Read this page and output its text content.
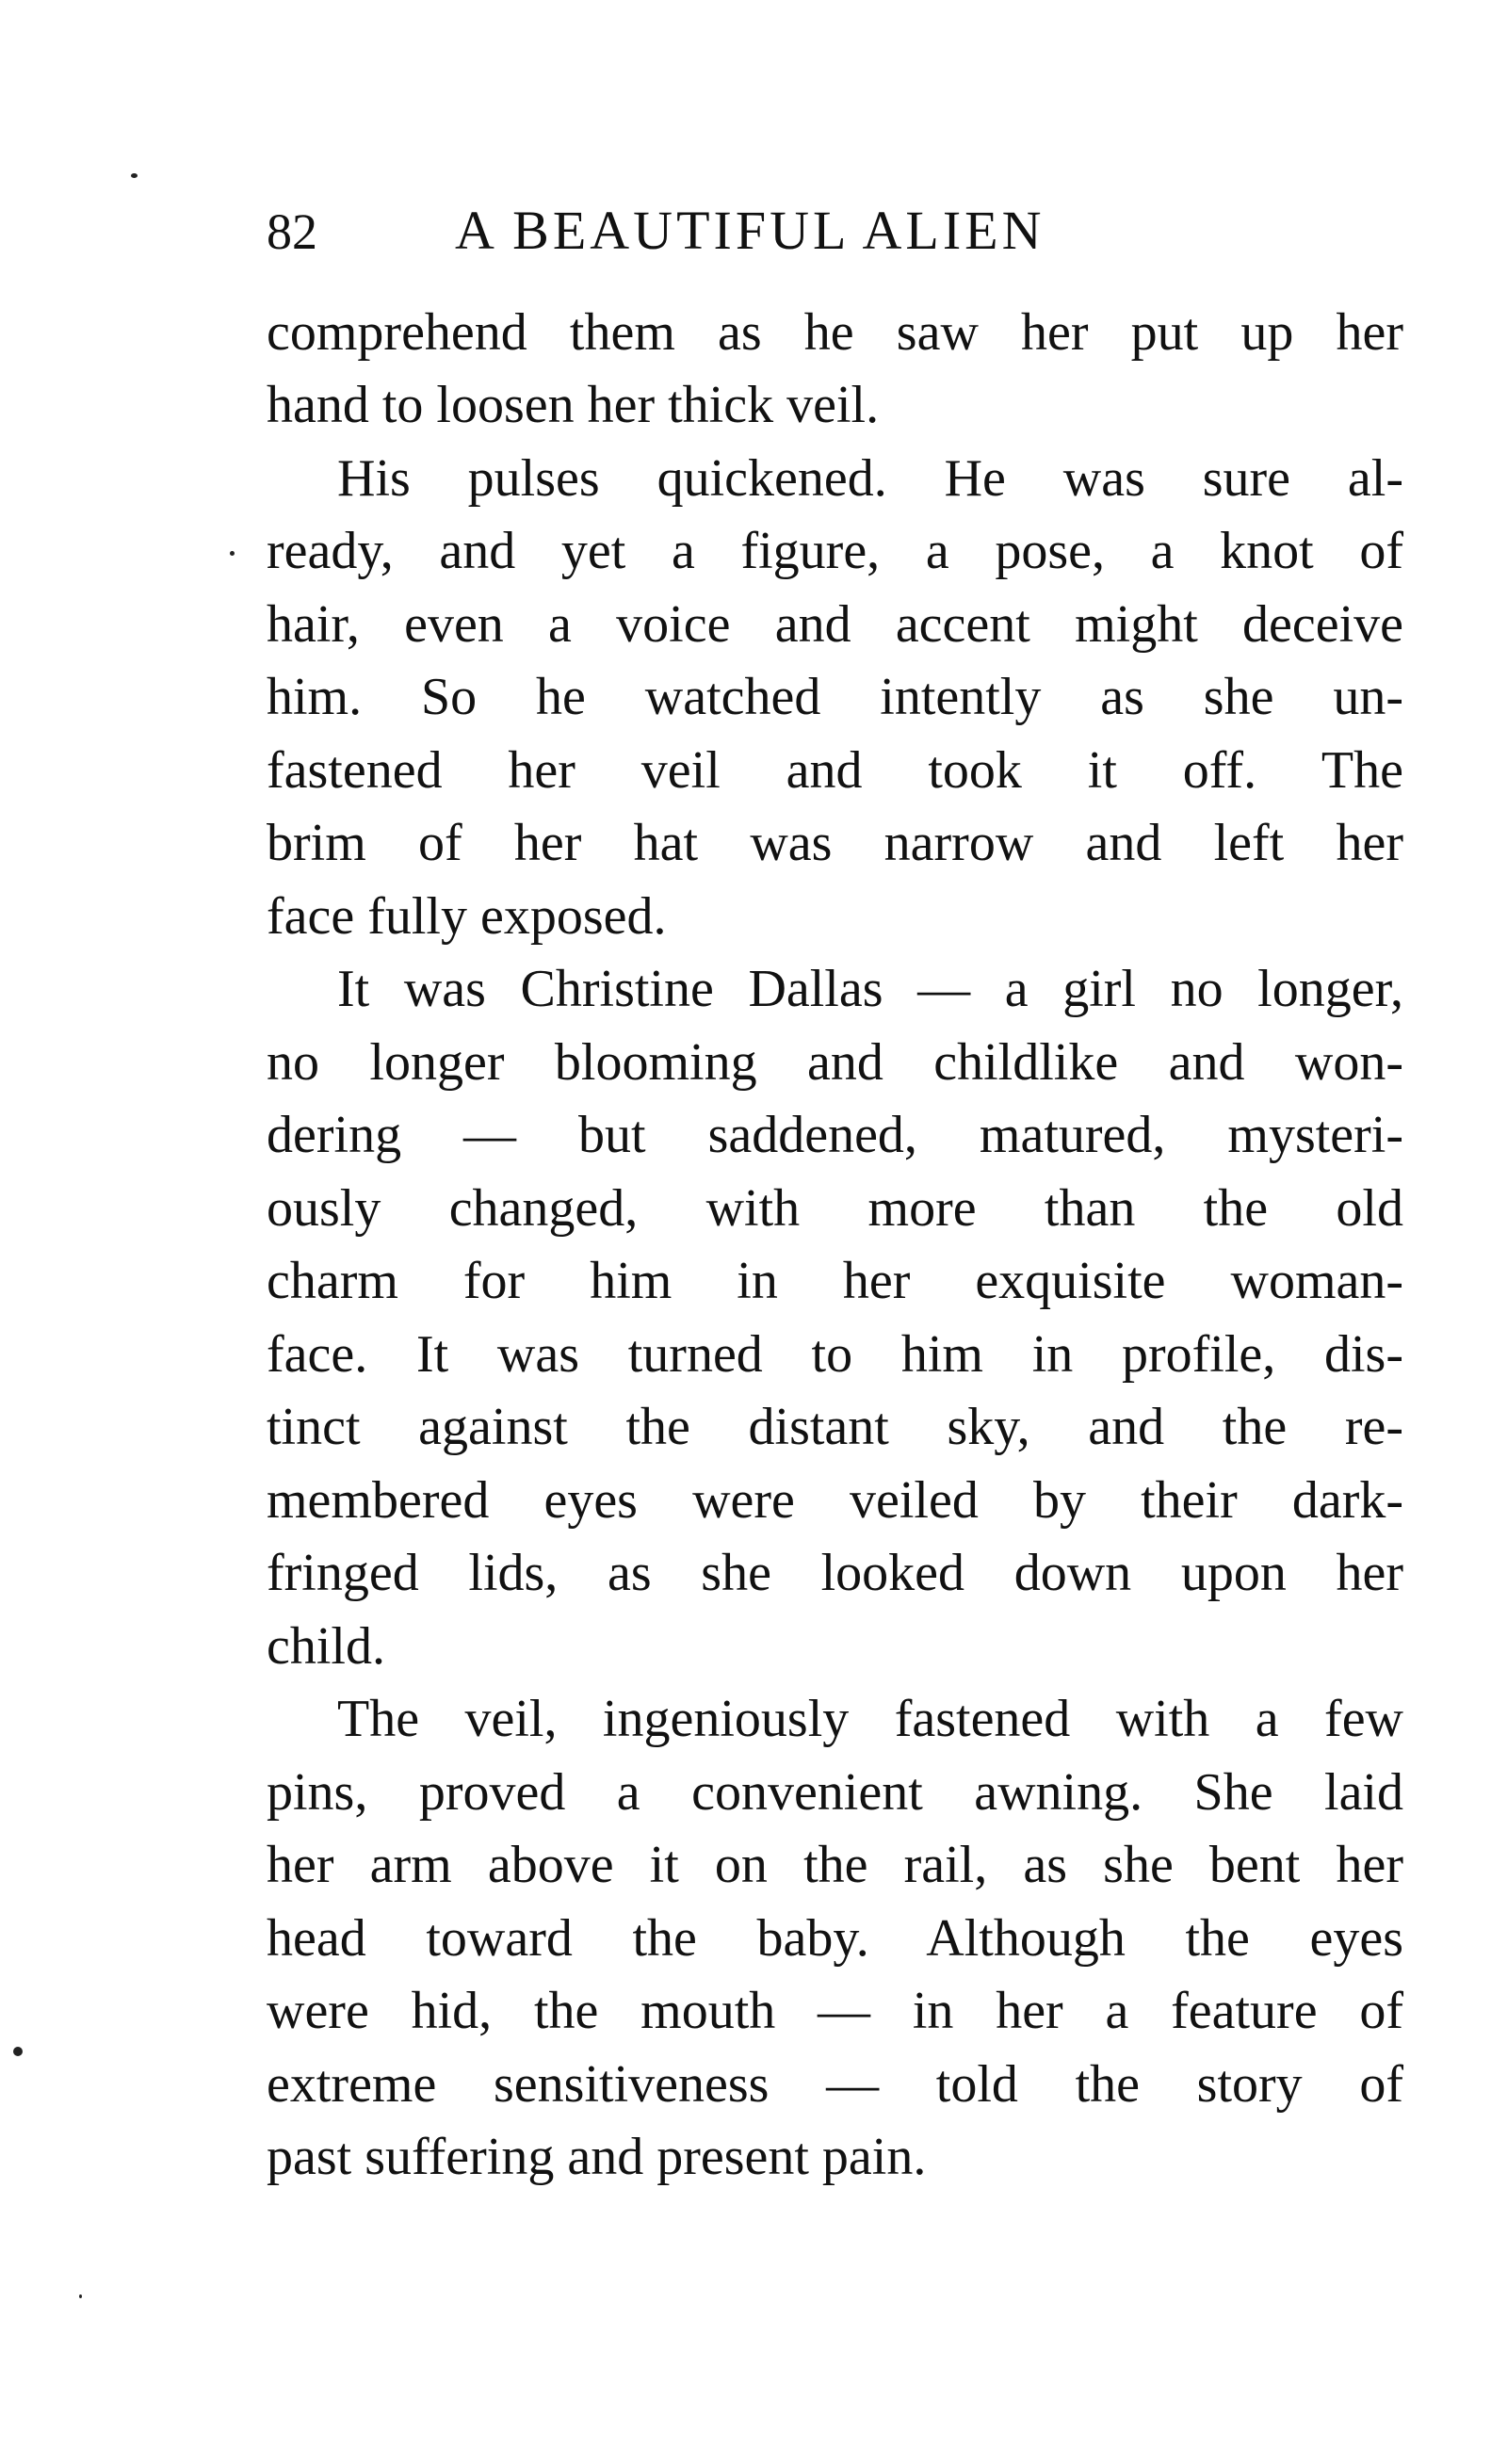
82	A BEAUTIFUL ALIEN
comprehend them as he saw her put up her
hand to loosen her thick veil.
His pulses quickened. He was sure al-
ready, and yet a figure, a pose, a knot of
hair, even a voice and accent might deceive
him. So he watched intently as she un-
fastened her veil and took it off. The
brim of her hat was narrow and left her
face fully exposed.
It was Christine Dallas — a girl no longer,
no longer blooming and childlike and won-
dering — but saddened, matured, mysteri-
ously changed, with more than the old
charm for him in her exquisite woman-
face. It was turned to him in profile, dis-
tinct against the distant sky, and the re-
membered eyes were veiled by their dark-
fringed lids, as she looked down upon her
child.
The veil, ingeniously fastened with a few
pins, proved a convenient awning. She laid
her arm above it on the rail, as she bent her
head toward the baby. Although the eyes
were hid, the mouth — in her a feature of
extreme sensitiveness — told the story of
past suffering and present pain.
